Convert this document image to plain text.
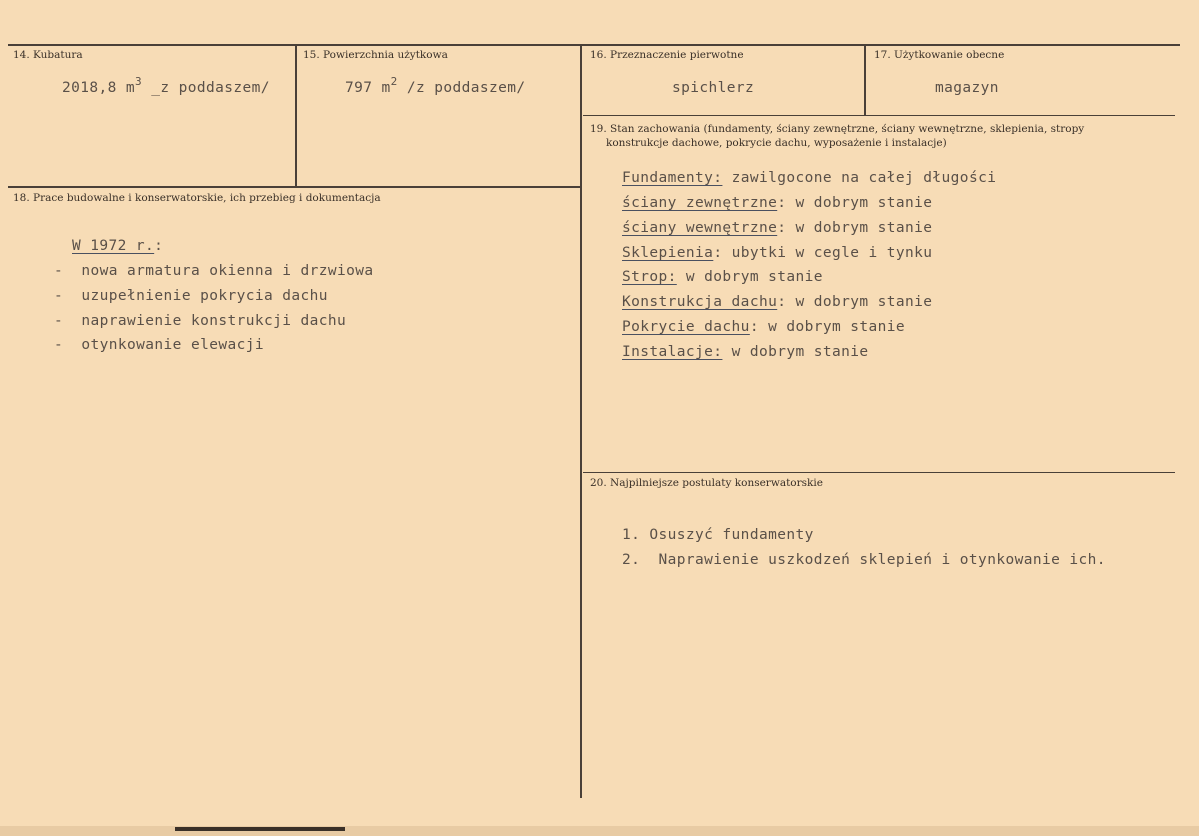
14. Kubatura
2018,8 $m^3$ _z poddaszem/
15. Powierzchnia użytkowa
797 $m^2$ /z poddaszem/
16. Przeznaczenie pierwotne
spichlerz
17. Użytkowanie obecne
magazyn
18. Prace budowalne i konserwatorskie, ich przebieg i dokumentacja
W 1972 r.:
-  nowa armatura okienna i drzwiowa
-  uzupełnienie pokrycia dachu
-  naprawienie konstrukcji dachu
-  otynkowanie elewacji
19. Stan zachowania (fundamenty, ściany zewnętrzne, ściany wewnętrzne, sklepienia, stropy
konstrukcje dachowe, pokrycie dachu, wyposażenie i instalacje)
Fundamenty: zawilgocone na całej długości
ściany zewnętrzne: w dobrym stanie
ściany wewnętrzne: w dobrym stanie
Sklepienia: ubytki w cegle i tynku
Strop: w dobrym stanie
Konstrukcja dachu: w dobrym stanie
Pokrycie dachu: w dobrym stanie
Instalacje: w dobrym stanie
20. Najpilniejsze postulaty konserwatorskie
1. Osuszyć fundamenty
2.  Naprawienie uszkodzeń sklepień i otynkowanie ich.
